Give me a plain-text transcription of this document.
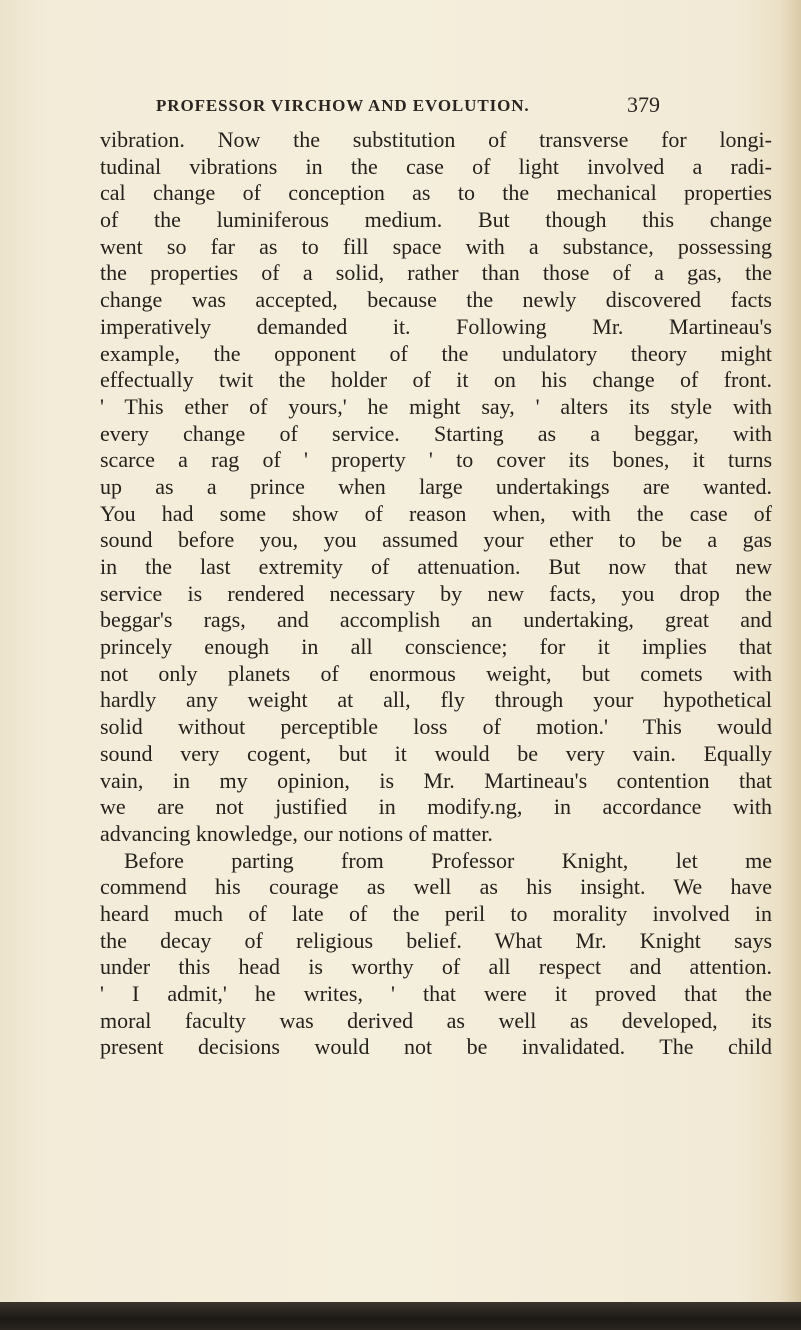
PROFESSOR VIRCHOW AND EVOLUTION.	379
vibration. Now the substitution of transverse for longi-
tudinal vibrations in the case of light involved a radi-
cal change of conception as to the mechanical properties
of the luminiferous medium. But though this change
went so far as to fill space with a substance, possessing
the properties of a solid, rather than those of a gas, the
change was accepted, because the newly discovered facts
imperatively demanded it. Following Mr. Martineau's
example, the opponent of the undulatory theory might
effectually twit the holder of it on his change of front.
' This ether of yours,' he might say, ' alters its style with
every change of service. Starting as a beggar, with
scarce a rag of ' property ' to cover its bones, it turns
up as a prince when large undertakings are wanted.
You had some show of reason when, with the case of
sound before you, you assumed your ether to be a gas
in the last extremity of attenuation. But now that new
service is rendered necessary by new facts, you drop the
beggar's rags, and accomplish an undertaking, great and
princely enough in all conscience; for it implies that
not only planets of enormous weight, but comets with
hardly any weight at all, fly through your hypothetical
solid without perceptible loss of motion.' This would
sound very cogent, but it would be very vain. Equally
vain, in my opinion, is Mr. Martineau's contention that
we are not justified in modify.ng, in accordance with
advancing knowledge, our notions of matter.
Before parting from Professor Knight, let me
commend his courage as well as his insight. We have
heard much of late of the peril to morality involved in
the decay of religious belief. What Mr. Knight says
under this head is worthy of all respect and attention.
' I admit,' he writes, ' that were it proved that the
moral faculty was derived as well as developed, its
present decisions would not be invalidated. The child
